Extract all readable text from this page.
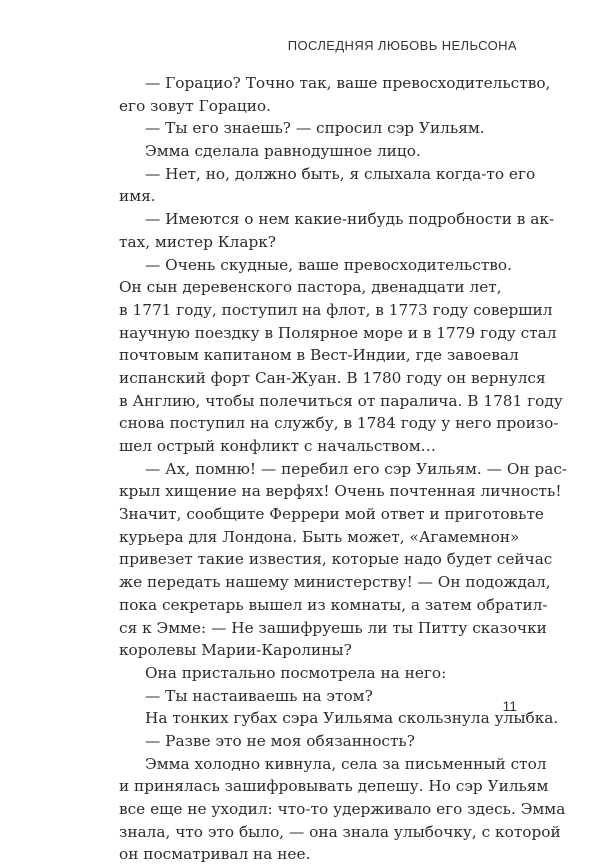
ПОСЛЕДНЯЯ ЛЮБОВЬ НЕЛЬСОНА
— Горацио? Точно так, ваше превосходительство,
его зовут Горацио.
— Ты его знаешь? — спросил сэр Уильям.
Эмма сделала равнодушное лицо.
— Нет, но, должно быть, я слыхала когда-то его
имя.
— Имеются о нем какие-нибудь подробности в ак-
тах, мистер Кларк?
— Очень скудные, ваше превосходительство.
Он сын деревенского пастора, двенадцати лет,
в 1771 году, поступил на флот, в 1773 году совершил
научную поездку в Полярное море и в 1779 году стал
почтовым капитаном в Вест-Индии, где завоевал
испанский форт Сан-Жуан. В 1780 году он вернулся
в Англию, чтобы полечиться от паралича. В 1781 году
снова поступил на службу, в 1784 году у него произо-
шел острый конфликт с начальством…
— Ах, помню! — перебил его сэр Уильям. — Он рас-
крыл хищение на верфях! Очень почтенная личность!
Значит, сообщите Феррери мой ответ и приготовьте
курьера для Лондона. Быть может, «Агамемнон»
привезет такие известия, которые надо будет сейчас
же передать нашему министерству! — Он подождал,
пока секретарь вышел из комнаты, а затем обратил-
ся к Эмме: — Не зашифруешь ли ты Питту сказочки
королевы Марии-Каролины?
Она пристально посмотрела на него:
— Ты настаиваешь на этом?
На тонких губах сэра Уильяма скользнула улыбка.
— Разве это не моя обязанность?
Эмма холодно кивнула, села за письменный стол
и принялась зашифровывать депешу. Но сэр Уильям
все еще не уходил: что-то удерживало его здесь. Эмма
знала, что это было, — она знала улыбочку, с которой
он посматривал на нее.
11
